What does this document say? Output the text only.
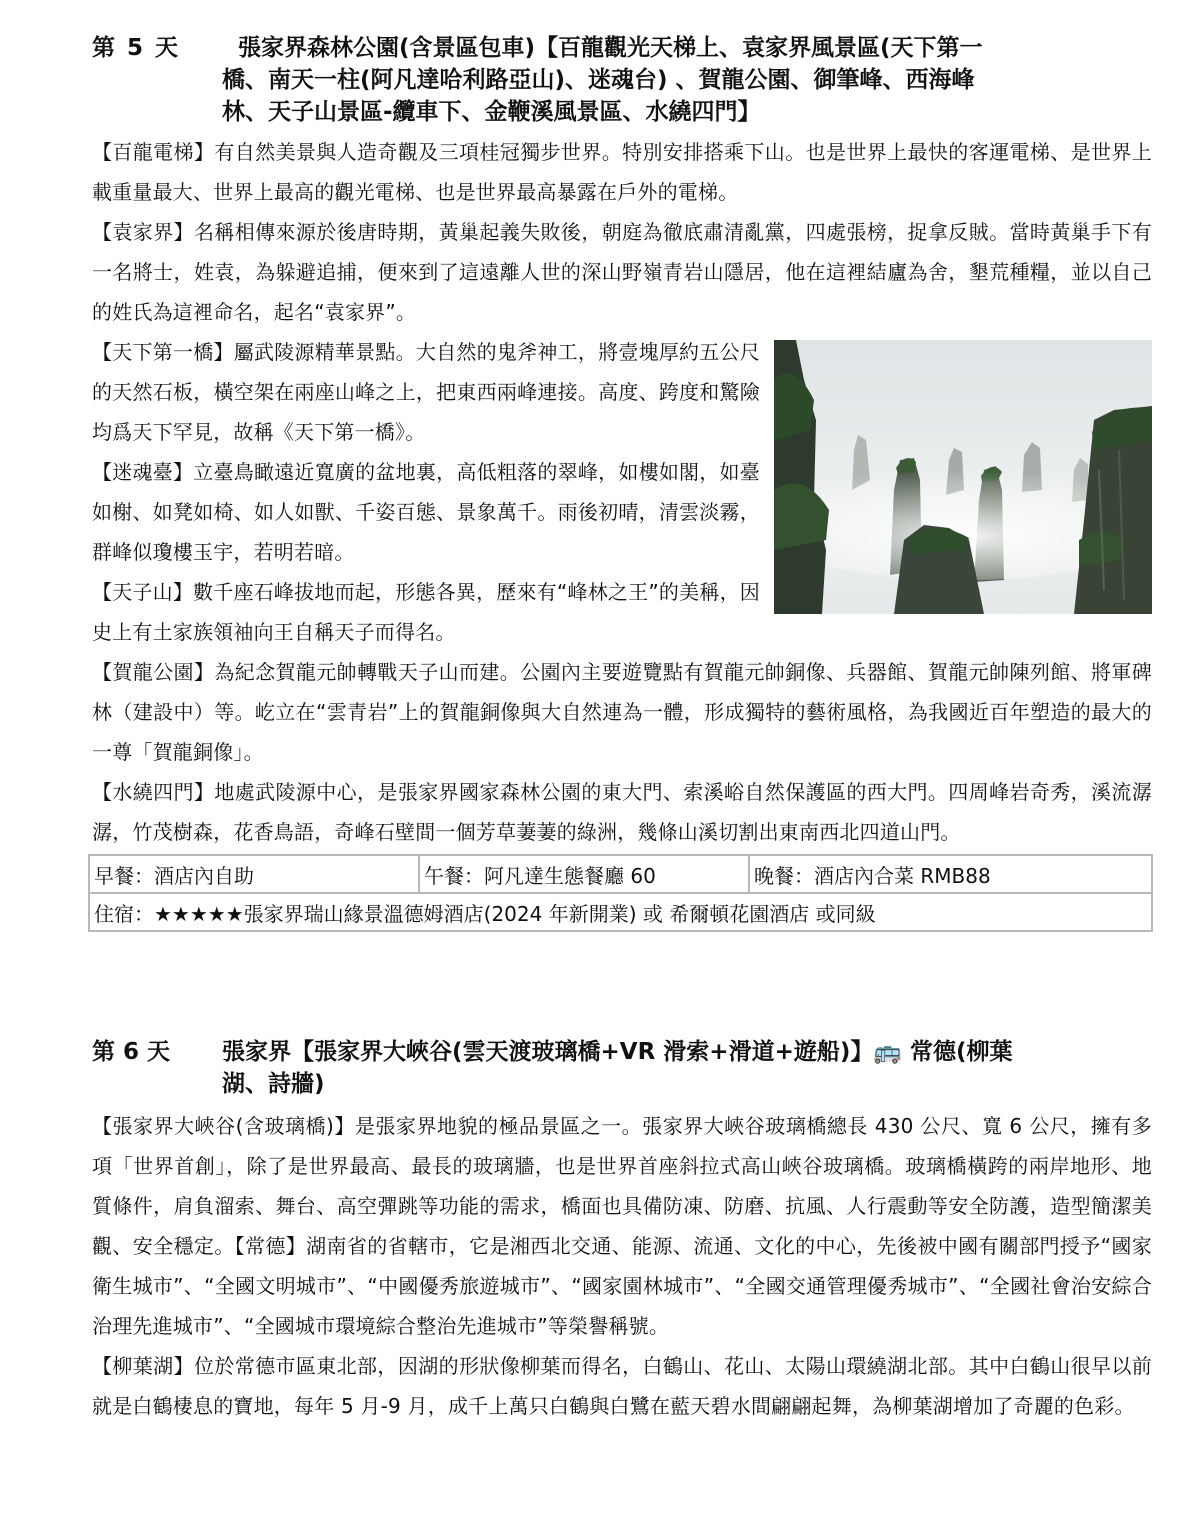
第 5 天	張家界森林公園(含景區包車)【百龍觀光天梯上、袁家界風景區(天下第一
橋、南天一柱(阿凡達哈利路亞山)、迷魂台) 、賀龍公園、御筆峰、西海峰
林、天子山景區-纜車下、金鞭溪風景區、水繞四門】

【百龍電梯】有自然美景與人造奇觀及三項桂冠獨步世界。特別安排搭乘下山。也是世界上最快的客運電梯、是世界上載重量最大、世界上最高的觀光電梯、也是世界最高暴露在戶外的電梯。

【袁家界】名稱相傳來源於後唐時期，黃巢起義失敗後，朝庭為徹底肅清亂黨，四處張榜，捉拿反賊。當時黃巢手下有一名將士，姓袁，為躲避追捕，便來到了這遠離人世的深山野嶺青岩山隱居，他在這裡結廬為舍，墾荒種糧，並以自己的姓氏為這裡命名，起名“袁家界”。

【天下第一橋】屬武陵源精華景點。大自然的鬼斧神工，將壹塊厚約五公尺的天然石板，橫空架在兩座山峰之上，把東西兩峰連接。高度、跨度和驚險均爲天下罕見，故稱《天下第一橋》。

【迷魂臺】立臺鳥瞰遠近寬廣的盆地裏，高低粗落的翠峰，如樓如閣，如臺如榭、如凳如椅、如人如獸、千姿百態、景象萬千。雨後初晴，清雲淡霧，群峰似瓊樓玉宇，若明若暗。

【天子山】數千座石峰拔地而起，形態各異，歷來有“峰林之王”的美稱，因史上有土家族領袖向王自稱天子而得名。

【賀龍公園】為紀念賀龍元帥轉戰天子山而建。公園內主要遊覽點有賀龍元帥銅像、兵器館、賀龍元帥陳列館、將軍碑林（建設中）等。屹立在“雲青岩”上的賀龍銅像與大自然連為一體，形成獨特的藝術風格，為我國近百年塑造的最大的一尊「賀龍銅像」。

【水繞四門】地處武陵源中心，是張家界國家森林公園的東大門、索溪峪自然保護區的西大門。四周峰岩奇秀，溪流潺潺，竹茂樹森，花香鳥語，奇峰石壁間一個芳草萋萋的綠洲，幾條山溪切割出東南西北四道山門。

早餐：酒店內自助	午餐：阿凡達生態餐廳 60	晚餐：酒店內合菜 RMB88
住宿：★★★★★張家界瑞山緣景溫德姆酒店(2024 年新開業) 或 希爾頓花園酒店 或同級
第 6 天	張家界【張家界大峽谷(雲天渡玻璃橋+VR 滑索+滑道+遊船)】🚌 常德(柳葉
湖、詩牆)

【張家界大峽谷(含玻璃橋)】是張家界地貌的極品景區之一。張家界大峽谷玻璃橋總長 430 公尺、寬 6 公尺，擁有多項「世界首創」，除了是世界最高、最長的玻璃牆，也是世界首座斜拉式高山峽谷玻璃橋。玻璃橋橫跨的兩岸地形、地質條件，肩負溜索、舞台、高空彈跳等功能的需求，橋面也具備防凍、防磨、抗風、人行震動等安全防護，造型簡潔美觀、安全穩定。【常德】湖南省的省轄市，它是湘西北交通、能源、流通、文化的中心，先後被中國有關部門授予“國家衛生城市”、“全國文明城市”、“中國優秀旅遊城市”、“國家園林城市”、“全國交通管理優秀城市”、“全國社會治安綜合治理先進城市”、“全國城市環境綜合整治先進城市”等榮譽稱號。

【柳葉湖】位於常德市區東北部，因湖的形狀像柳葉而得名，白鶴山、花山、太陽山環繞湖北部。其中白鶴山很早以前就是白鶴棲息的寶地，每年 5 月-9 月，成千上萬只白鶴與白鷺在藍天碧水間翩翩起舞，為柳葉湖增加了奇麗的色彩。
